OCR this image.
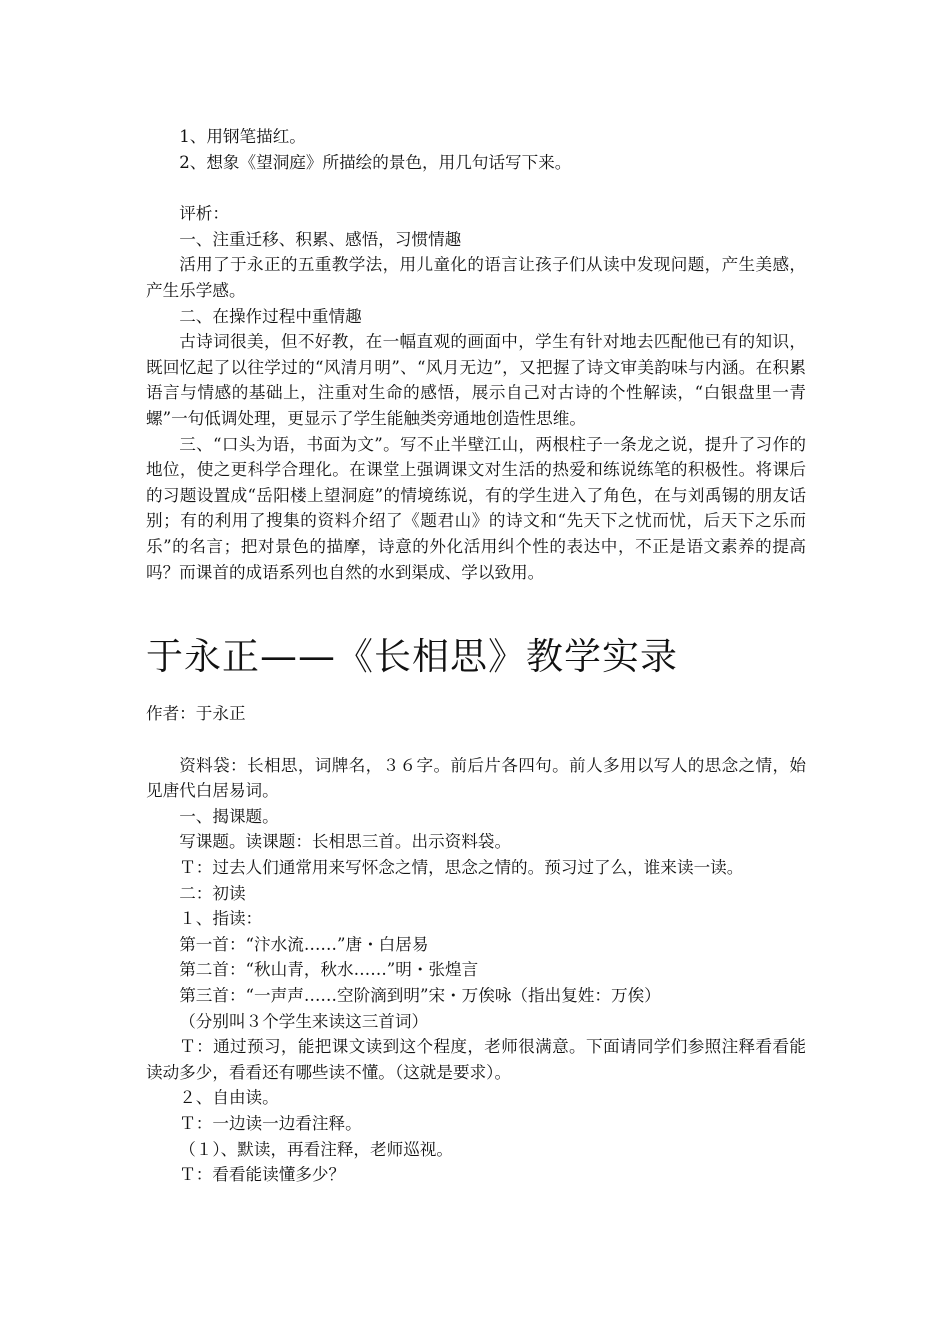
1、用钢笔描红。

2、想象《望洞庭》所描绘的景色，用几句话写下来。

评析：

一、注重迁移、积累、感悟，习惯情趣

活用了于永正的五重教学法，用儿童化的语言让孩子们从读中发现问题，产生美感，产生乐学感。

二、在操作过程中重情趣

古诗词很美，但不好教，在一幅直观的画面中，学生有针对地去匹配他已有的知识，既回忆起了以往学过的“风清月明”、“风月无边”，又把握了诗文审美韵味与内涵。在积累语言与情感的基础上，注重对生命的感悟，展示自己对古诗的个性解读，“白银盘里一青螺”一句低调处理，更显示了学生能触类旁通地创造性思维。

三、“口头为语，书面为文”。写不止半壁江山，两根柱子一条龙之说，提升了习作的地位，使之更科学合理化。在课堂上强调课文对生活的热爱和练说练笔的积极性。将课后的习题设置成“岳阳楼上望洞庭”的情境练说，有的学生进入了角色，在与刘禹锡的朋友话别；有的利用了搜集的资料介绍了《题君山》的诗文和“先天下之忧而忧，后天下之乐而乐”的名言；把对景色的描摩，诗意的外化活用纠个性的表达中，不正是语文素养的提高吗？而课首的成语系列也自然的水到渠成、学以致用。

于永正——《长相思》教学实录

作者：于永正

资料袋：长相思，词牌名，３６字。前后片各四句。前人多用以写人的思念之情，始见唐代白居易词。

一、揭课题。

写课题。读课题：长相思三首。出示资料袋。

Ｔ：过去人们通常用来写怀念之情，思念之情的。预习过了么，谁来读一读。

二：初读

１、指读：

第一首：“汴水流……”唐・白居易

第二首：“秋山青，秋水……”明・张煌言

第三首：“一声声……空阶滴到明”宋・万俟咏（指出复姓：万俟）

（分别叫３个学生来读这三首词）

Ｔ：通过预习，能把课文读到这个程度，老师很满意。下面请同学们参照注释看看能读动多少，看看还有哪些读不懂。（这就是要求）。

２、自由读。

Ｔ：一边读一边看注释。

（１）、默读，再看注释，老师巡视。

Ｔ：看看能读懂多少？
